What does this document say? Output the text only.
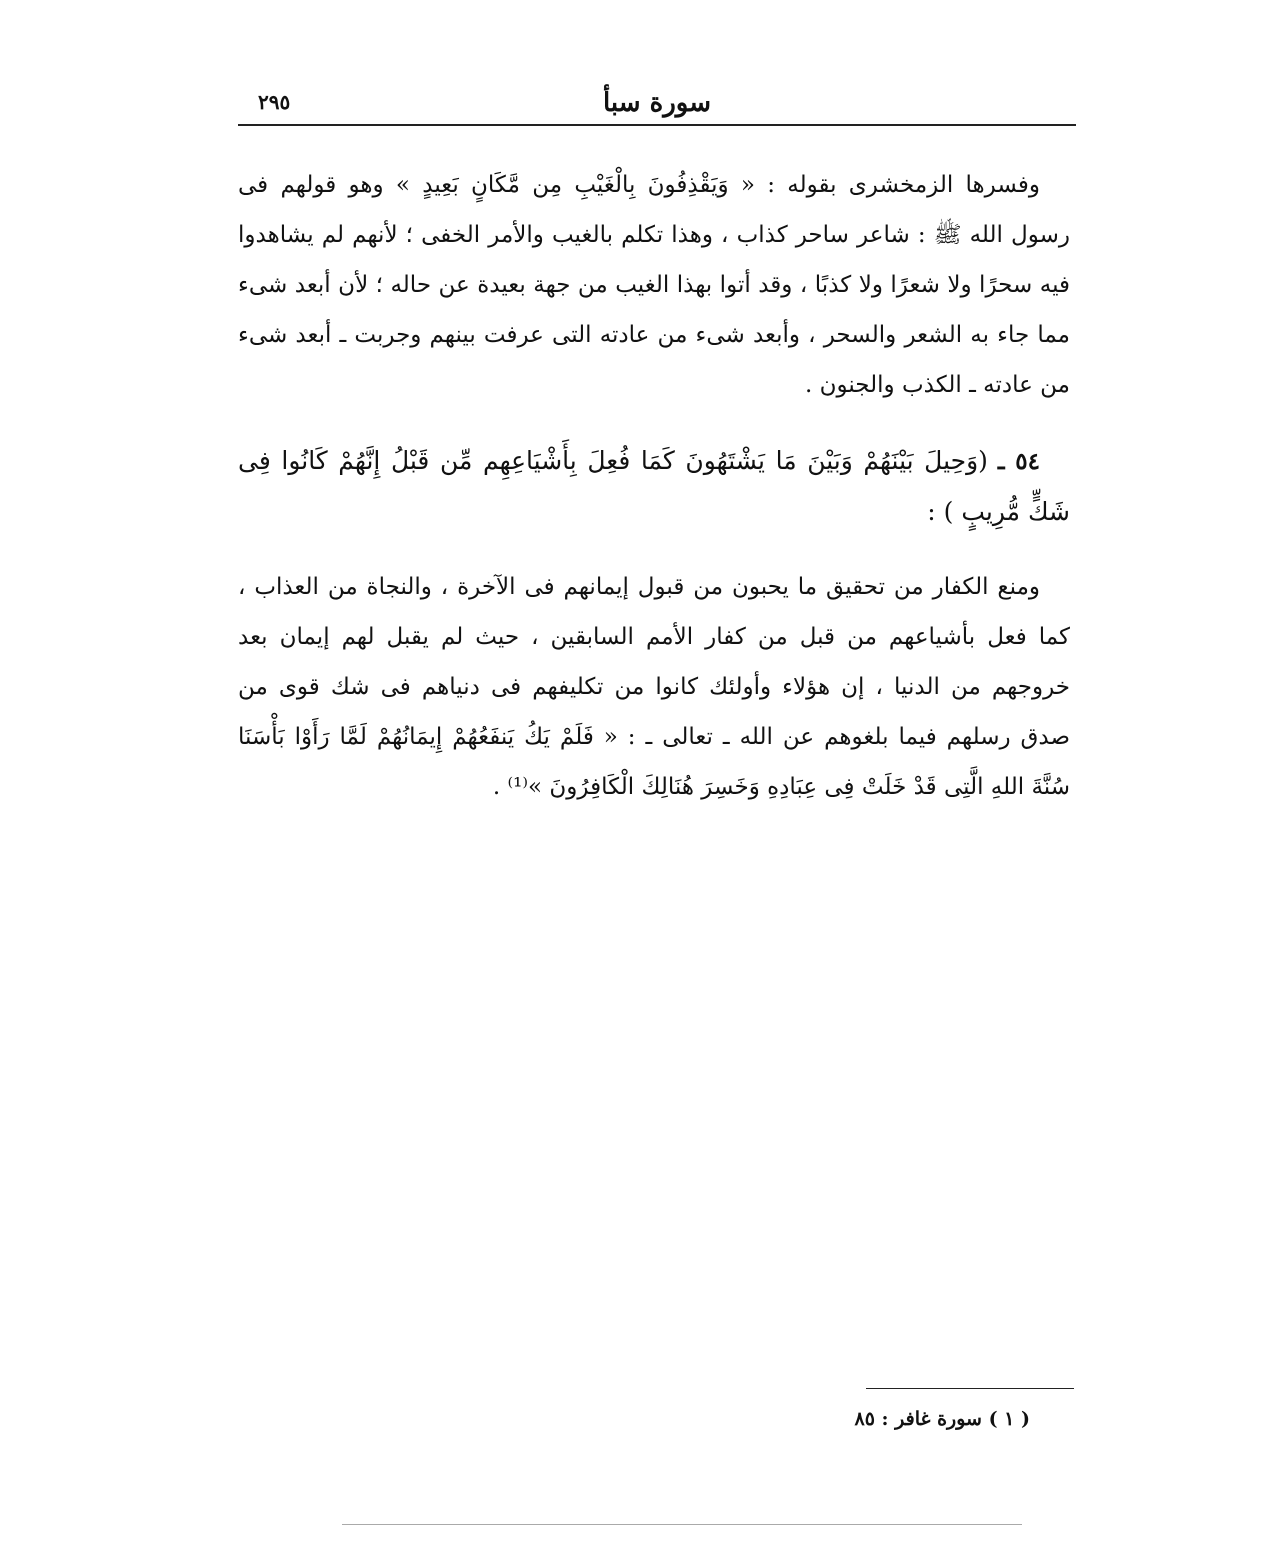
٢٩٥	سورة سبأ

وفسرها الزمخشرى بقوله : « وَيَقْذِفُونَ بِالْغَيْبِ مِن مَّكَانٍ بَعِيدٍ » وهو قولهم فى رسول الله ﷺ : شاعر ساحر كذاب ، وهذا تكلم بالغيب والأمر الخفى ؛ لأنهم لم يشاهدوا فيه سحرًا ولا شعرًا ولا كذبًا ، وقد أتوا بهذا الغيب من جهة بعيدة عن حاله ؛ لأن أبعد شىء مما جاء به الشعر والسحر ، وأبعد شىء من عادته التى عرفت بينهم وجربت ـ أبعد شىء من عادته ـ الكذب والجنون .

٥٤ ـ (وَحِيلَ بَيْنَهُمْ وَبَيْنَ مَا يَشْتَهُونَ كَمَا فُعِلَ بِأَشْيَاعِهِم مِّن قَبْلُ إِنَّهُمْ كَانُوا فِى شَكٍّ مُّرِيبٍ ) :

ومنع الكفار من تحقيق ما يحبون من قبول إيمانهم فى الآخرة ، والنجاة من العذاب ، كما فعل بأشياعهم من قبل من كفار الأمم السابقين ، حيث لم يقبل لهم إيمان بعد خروجهم من الدنيا ، إن هؤلاء وأولئك كانوا من تكليفهم فى دنياهم فى شك قوى من صدق رسلهم فيما بلغوهم عن الله ـ تعالى ـ : « فَلَمْ يَكُ يَنفَعُهُمْ إِيمَانُهُمْ لَمَّا رَأَوْا بَأْسَنَا سُنَّةَ اللهِ الَّتِى قَدْ خَلَتْ فِى عِبَادِهِ وَخَسِرَ هُنَالِكَ الْكَافِرُونَ »⁽¹⁾ .

( ١ ) سورة غافر : ٨٥
